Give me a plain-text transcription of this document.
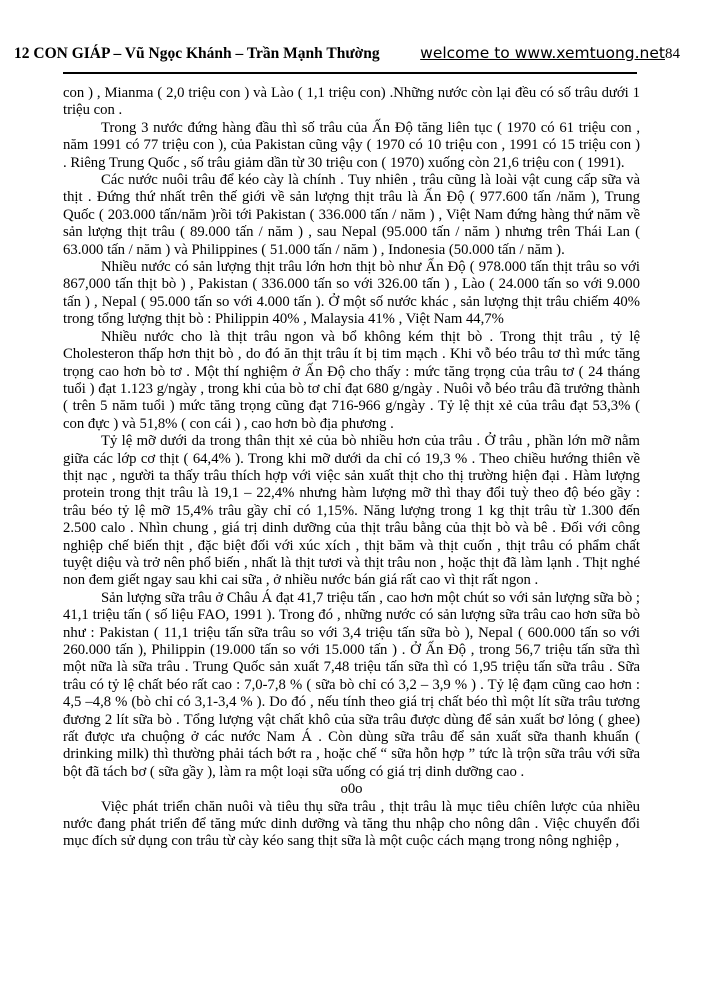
12 CON GIÁP – Vũ Ngọc Khánh – Trần Mạnh Thường	welcome to www.xemtuong.net84

con ) , Mianma ( 2,0 triệu con ) và Lào ( 1,1 triệu con) .Những nước còn lại đều có số trâu dưới 1 triệu con .

Trong 3 nước đứng hàng đầu thì số trâu của Ấn Độ tăng liên tục ( 1970 có 61 triệu con , năm 1991 có 77 triệu con ), của Pakistan cũng vậy ( 1970 có 10 triệu con , 1991 có 15 triệu con ) . Riêng Trung Quốc , số trâu giảm dần từ 30 triệu con ( 1970) xuống còn 21,6 triệu con ( 1991).

Các nước nuôi trâu để kéo cày là chính . Tuy nhiên , trâu cũng là loài vật cung cấp sữa và thịt . Đứng thứ nhất trên thế giới về sản lượng thịt trâu là Ấn Độ ( 977.600 tấn /năm ), Trung Quốc ( 203.000 tấn/năm )rồi tới Pakistan ( 336.000 tấn / năm ) , Việt Nam đứng hàng thứ năm về sản lượng thịt trâu ( 89.000 tấn / năm ) , sau Nepal (95.000 tấn / năm ) nhưng trên Thái Lan ( 63.000 tấn / năm ) và Philippines ( 51.000 tấn / năm ) , Indonesia (50.000 tấn / năm ).

Nhiều nước có sản lượng thịt trâu lớn hơn thịt bò như Ấn Độ ( 978.000 tấn thịt trâu so với 867,000 tấn thịt bò ) , Pakistan ( 336.000 tấn so với 326.00 tấn ) , Lào ( 24.000 tấn so với 9.000 tấn ) , Nepal ( 95.000 tấn so với 4.000 tấn ). Ở một số nước khác , sản lượng thịt trâu chiếm 40% trong tổng lượng thịt bò : Philippin 40% , Malaysia 41% , Việt Nam 44,7%

Nhiều nước cho là thịt trâu ngon và bổ không kém thịt bò . Trong thịt trâu , tỷ lệ Cholesteron thấp hơn thịt bò , do đó ăn thịt trâu ít bị tim mạch . Khi vỗ béo trâu tơ thì mức tăng trọng cao hơn bò tơ . Một thí nghiệm ở Ấn Độ cho thấy : mức tăng trọng của trâu tơ ( 24 tháng tuổi ) đạt 1.123 g/ngày , trong khi của bò tơ chỉ đạt 680 g/ngày . Nuôi vỗ béo trâu đã trưởng thành ( trên 5 năm tuổi ) mức tăng trọng cũng đạt 716-966 g/ngày . Tỷ lệ thịt xẻ của trâu đạt 53,3% ( con đực ) và 51,8% ( con cái ) , cao hơn bò địa phương .

Tỷ lệ mỡ dưới da trong thân thịt xẻ của bò nhiều hơn của trâu . Ở trâu , phần lớn mỡ nằm giữa các lớp cơ thịt ( 64,4% ). Trong khi mỡ dưới da chỉ có 19,3 % . Theo chiều hướng thiên về thịt nạc , người ta thấy trâu thích hợp với việc sản xuất thịt cho thị trường hiện đại . Hàm lượng protein trong thịt trâu là 19,1 – 22,4% nhưng hàm lượng mỡ thì thay đổi tuỳ theo độ béo gầy : trâu béo tỷ lệ mỡ 15,4% trâu gầy chỉ có 1,15%. Năng lượng trong 1 kg thịt trâu từ 1.300 đến 2.500 calo . Nhìn chung , giá trị dinh dưỡng của thịt trâu bằng của thịt bò và bê . Đối với công nghiệp chế biến thịt , đặc biệt đối với xúc xích , thịt băm và thịt cuốn , thịt trâu có phẩm chất tuyệt diệu và trở nên phổ biến , nhất là thịt tươi và thịt trâu non , hoặc thịt đã làm lạnh . Thịt nghé non đem giết ngay sau khi cai sữa , ở nhiều nước bán giá rất cao vì thịt rất ngon .

Sản lượng sữa trâu ở Châu Á đạt 41,7 triệu tấn , cao hơn một chút so với sản lượng sữa bò ; 41,1 triệu tấn ( số liệu FAO, 1991 ). Trong đó , những nước có sản lượng sữa trâu cao hơn sữa bò như : Pakistan ( 11,1 triệu tấn sữa trâu so với 3,4 triệu tấn sữa bò ), Nepal ( 600.000 tấn so với 260.000 tấn ), Philippin (19.000 tấn so với 15.000 tấn ) . Ở Ấn Độ , trong 56,7 triệu tấn sữa thì một nữa là sữa trâu . Trung Quốc sản xuất 7,48 triệu tấn sữa thì có 1,95 triệu tấn sữa trâu . Sữa trâu có tỷ lệ chất béo rất cao : 7,0-7,8 % ( sữa bò chỉ có 3,2 – 3,9 % ) . Tỷ lệ đạm cũng cao hơn : 4,5 –4,8 % (bò chỉ có 3,1-3,4 % ). Do đó , nếu tính theo giá trị chất béo thì một lít sữa trâu tương đương 2 lít sữa bò . Tổng lượng vật chất khô của sữa trâu được dùng để sản xuất bơ lỏng ( ghee) rất được ưa chuộng ở các nước Nam Á . Còn dùng sữa trâu để sản xuất sữa thanh khuẩn ( drinking milk) thì thường phải tách bớt ra , hoặc chế “ sữa hỗn hợp ” tức là trộn sữa trâu với sữa bột đã tách bơ ( sữa gầy ), làm ra một loại sữa uống có giá trị dinh dưỡng cao .

o0o

Việc phát triển chăn nuôi và tiêu thụ sữa trâu , thịt trâu là mục tiêu chíên lược của nhiều nước đang phát triển để tăng mức dinh dưỡng và tăng thu nhập cho nông dân . Việc chuyển đổi mục đích sử dụng con trâu từ cày kéo sang thịt sữa là một cuộc cách mạng trong nông nghiệp ,
